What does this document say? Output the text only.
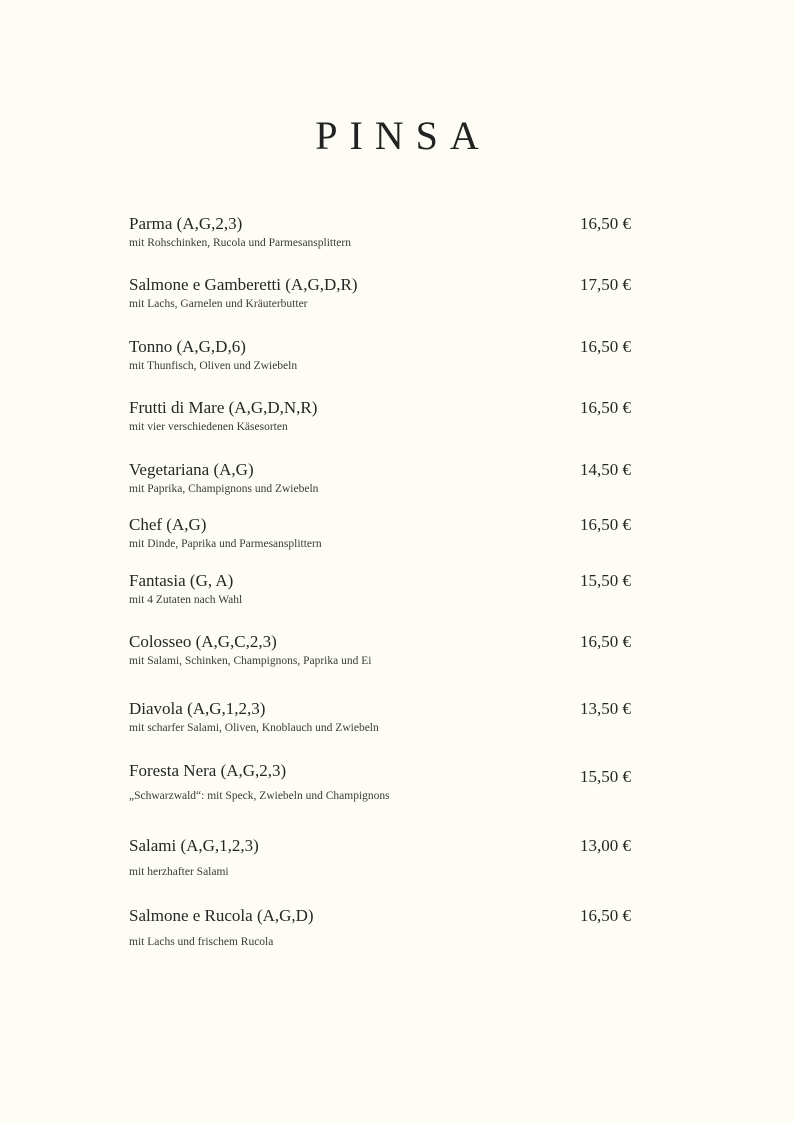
PINSA
Parma (A,G,2,3)
mit Rohschinken, Rucola und Parmesansplittern
16,50 €
Salmone e Gamberetti (A,G,D,R)
mit Lachs, Garnelen und Kräuterbutter
17,50 €
Tonno (A,G,D,6)
mit Thunfisch, Oliven und Zwiebeln
16,50 €
Frutti di Mare (A,G,D,N,R)
mit vier verschiedenen Käsesorten
16,50 €
Vegetariana (A,G)
mit Paprika, Champignons und Zwiebeln
14,50 €
Chef (A,G)
mit Dinde, Paprika und Parmesansplittern
16,50 €
Fantasia (G, A)
mit 4 Zutaten nach Wahl
15,50 €
Colosseo (A,G,C,2,3)
mit Salami, Schinken, Champignons, Paprika und Ei
16,50 €
Diavola (A,G,1,2,3)
mit scharfer Salami, Oliven, Knoblauch und Zwiebeln
13,50 €
Foresta Nera (A,G,2,3)
„Schwarzwald“: mit Speck, Zwiebeln und Champignons
15,50 €
Salami (A,G,1,2,3)
mit herzhafter Salami
13,00 €
Salmone e Rucola (A,G,D)
mit Lachs und frischem Rucola
16,50 €
